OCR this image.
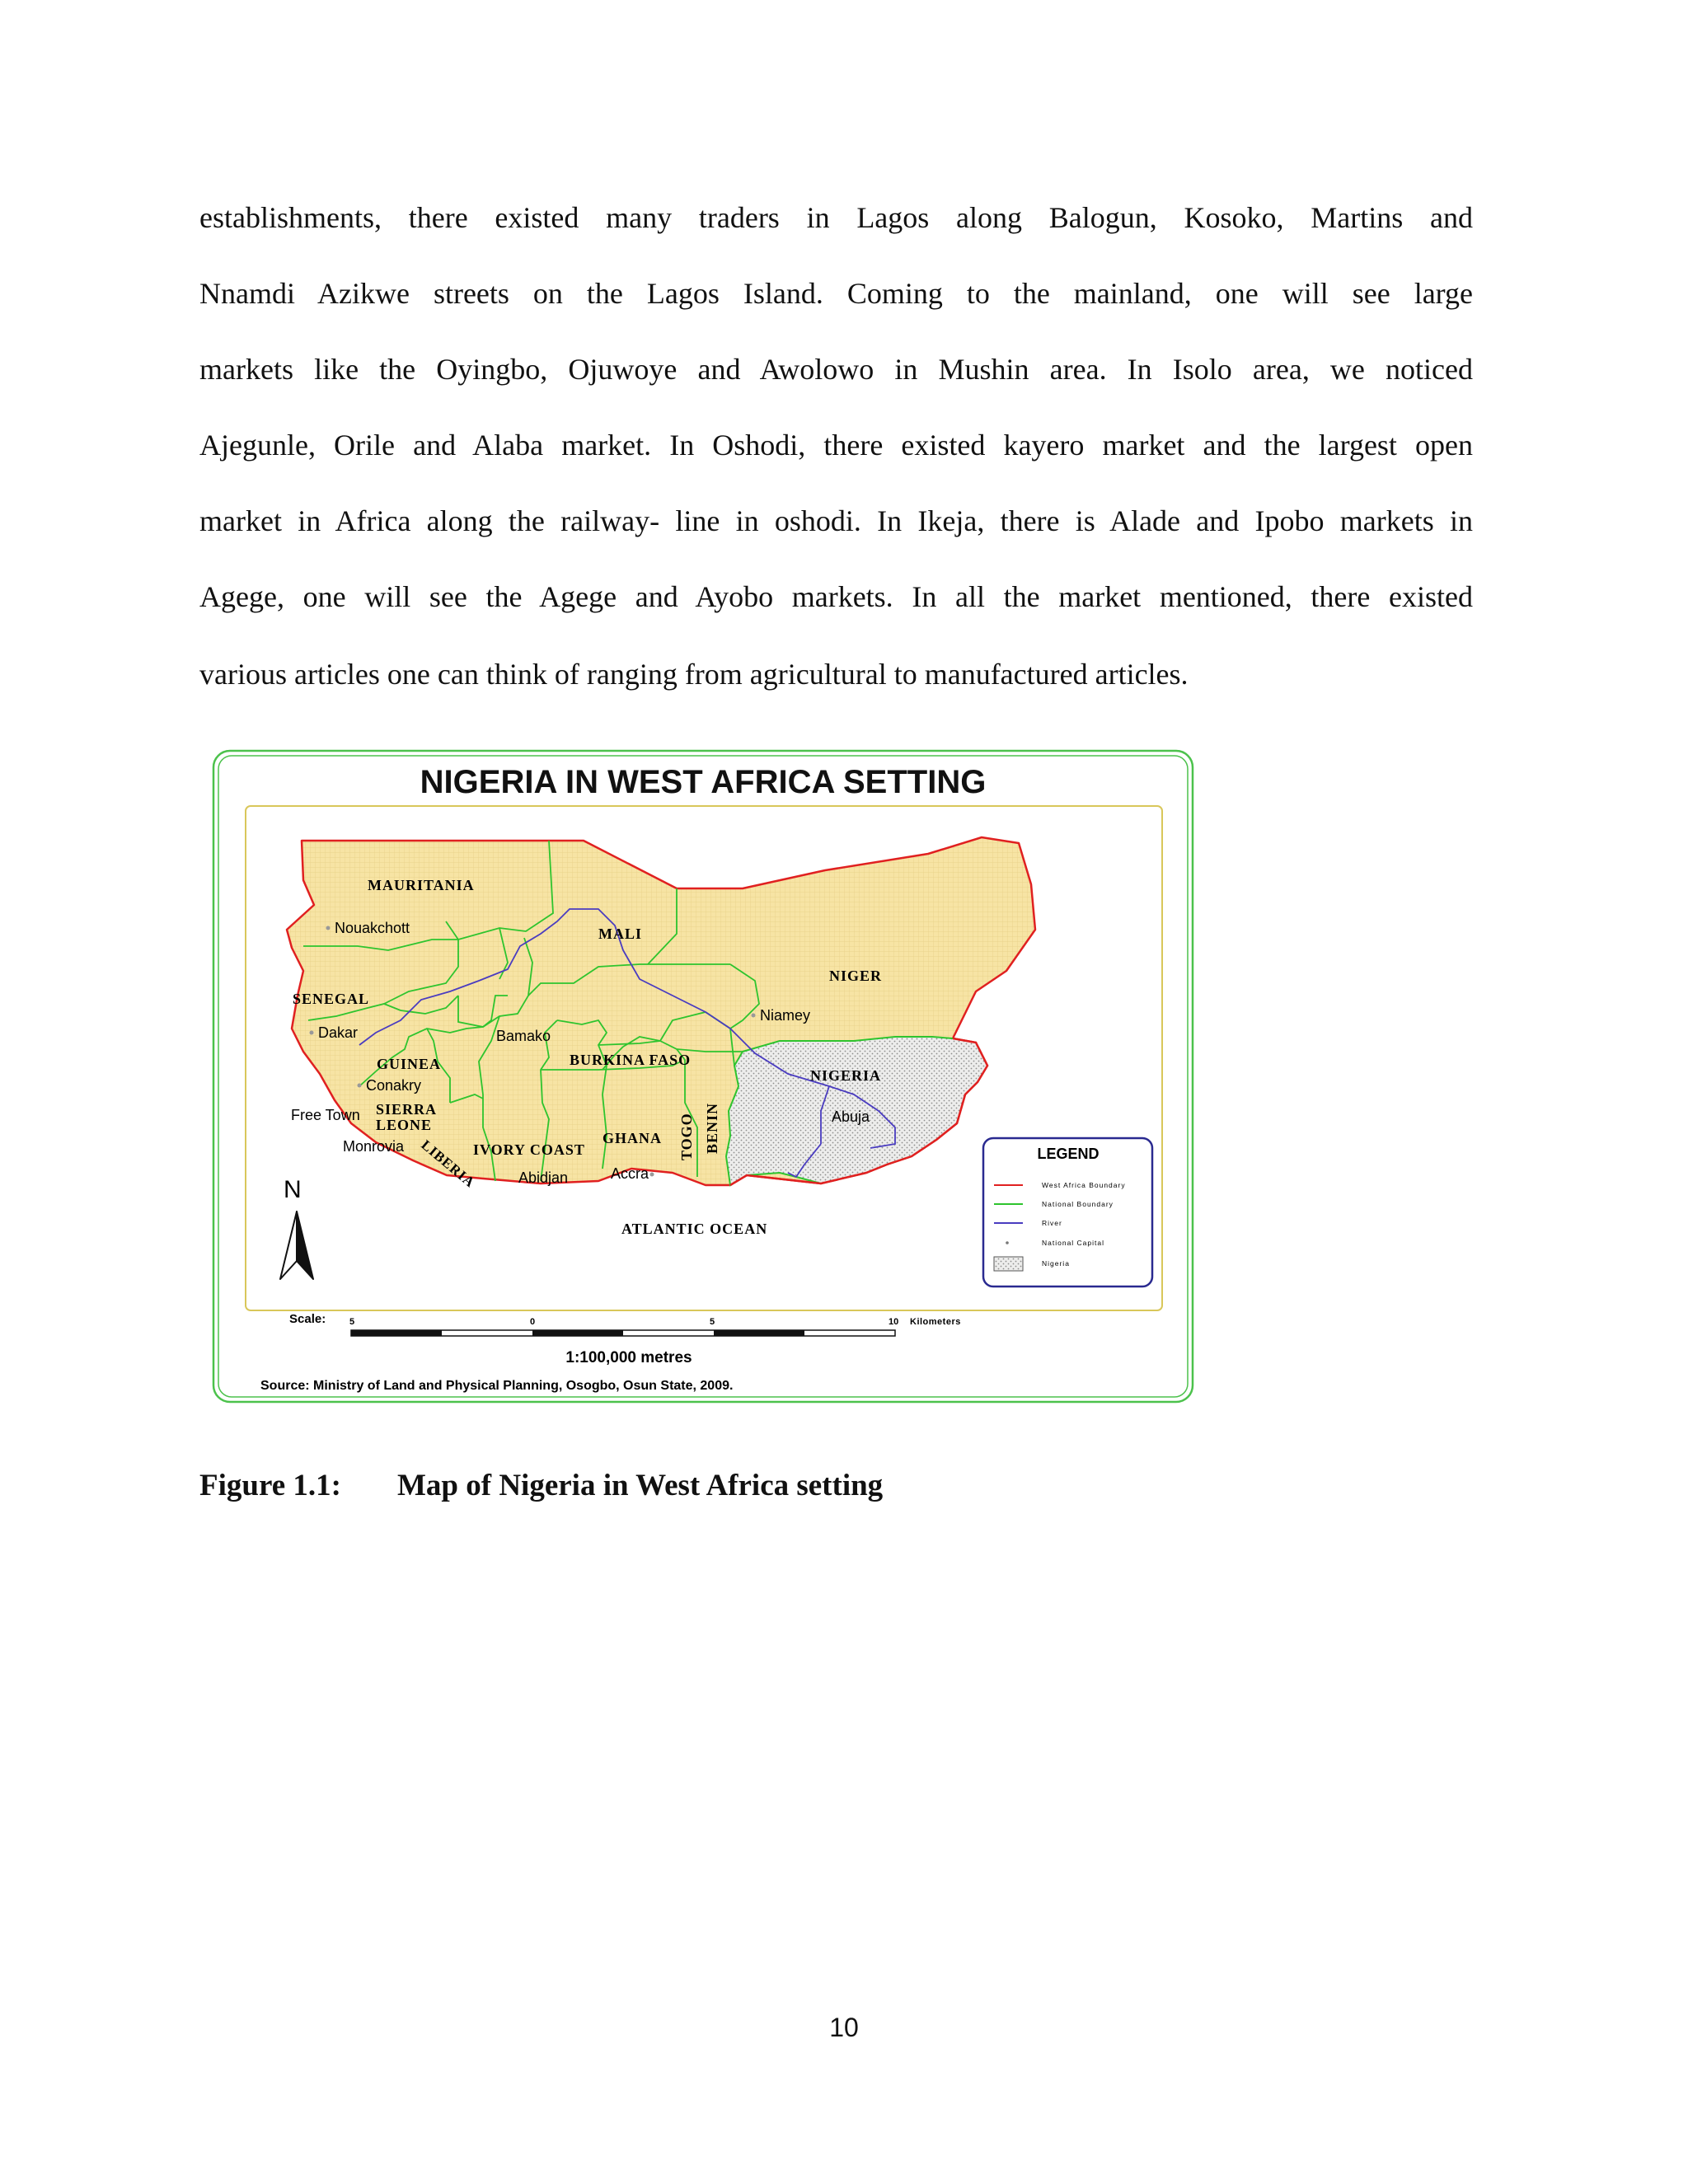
establishments, there existed many traders in Lagos along Balogun, Kosoko, Martins and
Nnamdi Azikwe streets on the Lagos Island. Coming to the mainland, one will see large
markets like the Oyingbo, Ojuwoye and Awolowo in Mushin area. In Isolo area, we noticed
Ajegunle, Orile and Alaba market. In Oshodi, there existed kayero market and the largest open
market in Africa along the railway- line in oshodi. In Ikeja, there is Alade and Ipobo markets in
Agege, one will see the Agege and Ayobo markets. In all the market mentioned, there existed
various articles one can think of ranging from agricultural to manufactured articles.
NIGERIA IN WEST AFRICA SETTING
MAURITANIA
MALI
NIGER
SENEGAL
GUINEA
SIERRA
LEONE
LIBERIA
IVORY COAST
BURKINA FASO
GHANA TOGO BENIN
NIGERIA
Nouakchott
Dakar	Bamako
Niamey
Conakry
Free Town
Monrovia
Abidjan	Accra
Abuja
ATLANTIC OCEAN
N
LEGEND
West Africa Boundary
National Boundary
River
National Capital
Nigeria
Scale:	5	0	5	10 Kilometers
1:100,000 metres
Source: Ministry of Land and Physical Planning, Osogbo, Osun State, 2009.
Figure 1.1: Map of Nigeria in West Africa setting
10
